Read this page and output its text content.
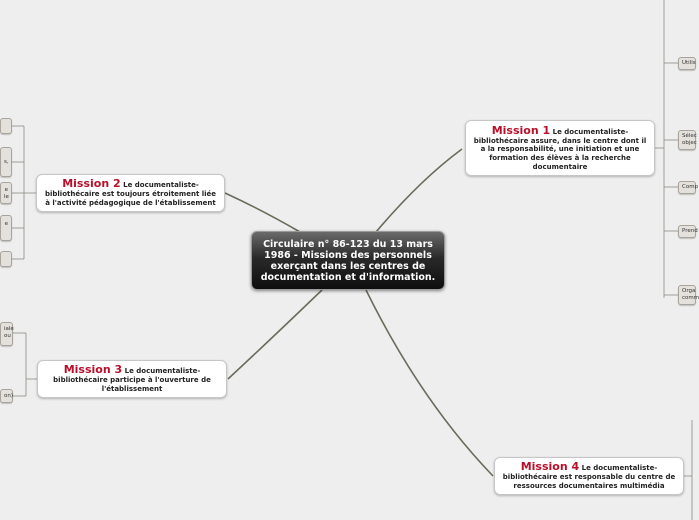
Circulaire n° 86-123 du 13 mars 1986 - Missions des personnels exerçant dans les centres de documentation et d'information.
Mission 1 Le documentaliste-bibliothécaire assure, dans le centre dont il a la responsabilité, une initiation et une formation des élèves à la recherche documentaire
Mission 2 Le documentaliste-bibliothécaire est toujours étroitement liée à l'activité pédagogique de l'établissement
Mission 3 Le documentaliste-bibliothécaire participe à l'ouverture de l'établissement
Mission 4 Le documentaliste-bibliothécaire est responsable du centre de ressources documentaires multimédia
Utilis
Sélec
objec
Comp
Prend
Orga
comm
s,
e
le
e
iale
ou
on)
